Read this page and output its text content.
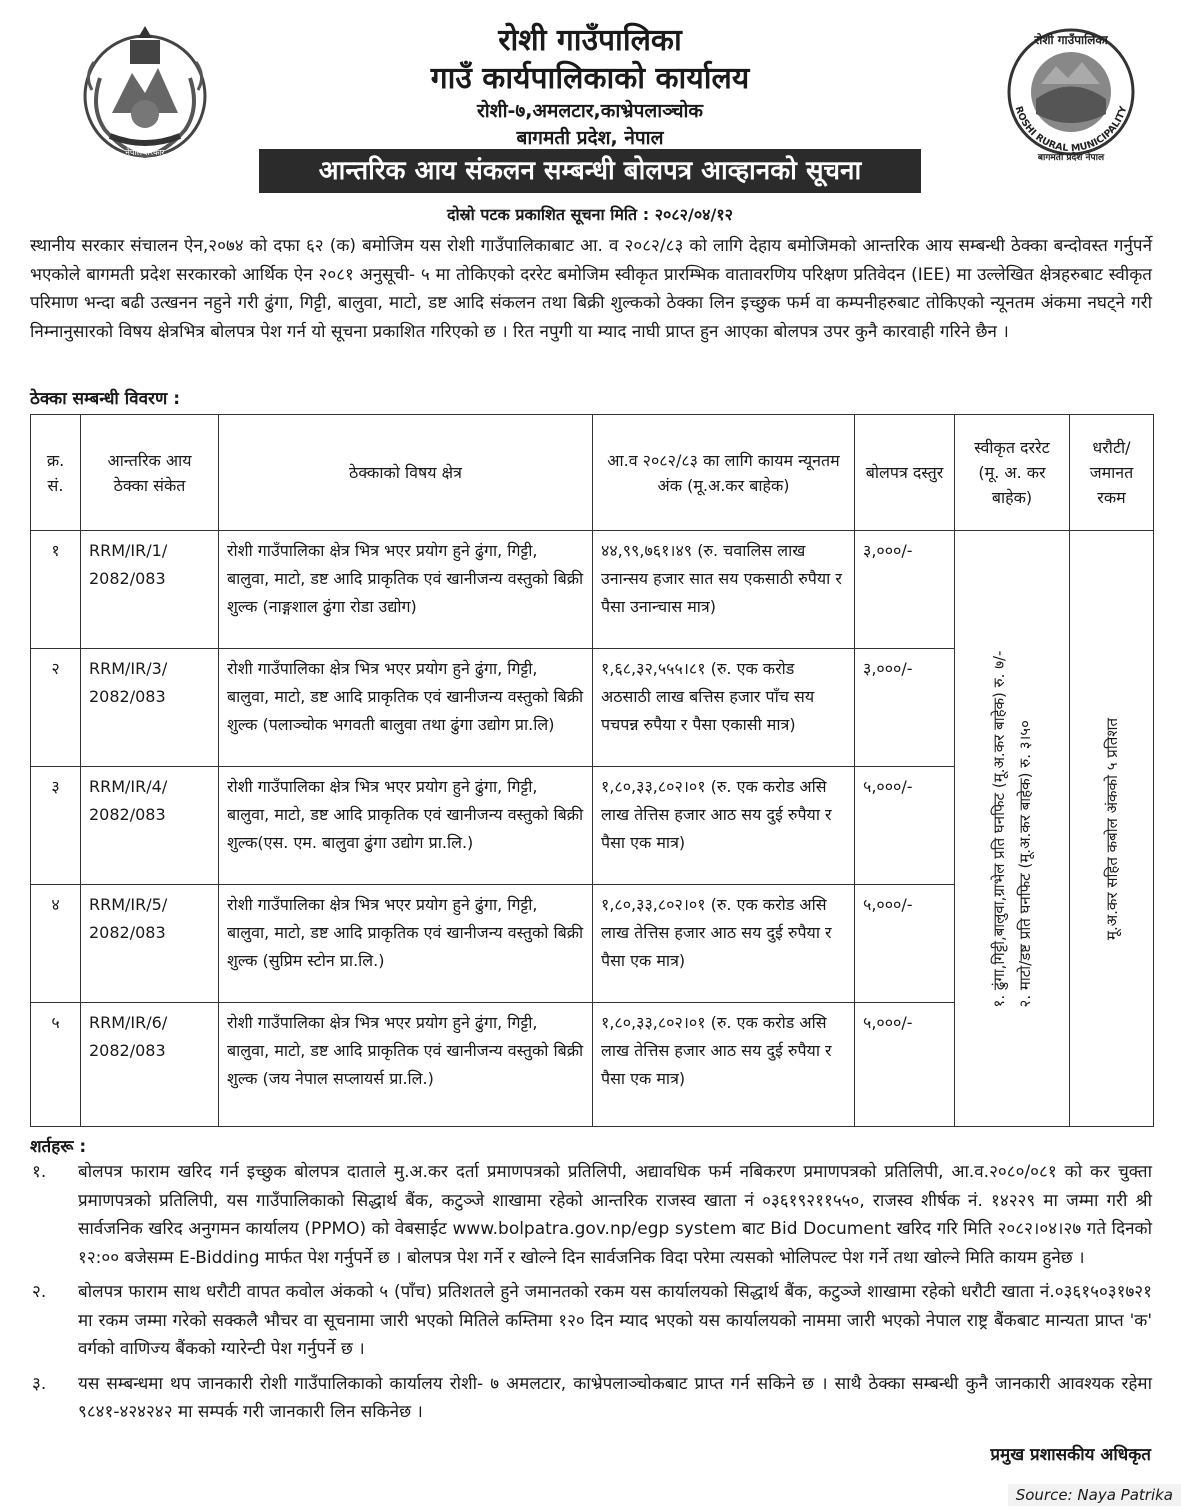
नेपाल सरकार
रोशी गाउँपालिका
ROSHI RURAL MUNICIPALITY
बागमती प्रदेश नेपाल
रोशी गाउँपालिका
गाउँ कार्यपालिकाको कार्यालय
रोशी-७,अमलटार,काभ्रेपलाञ्चोक
बागमती प्रदेश, नेपाल
आन्तरिक आय संकलन सम्बन्धी बोलपत्र आव्हानको सूचना
दोस्रो पटक प्रकाशित सूचना मिति : २०८२/०४/१२
स्थानीय सरकार संचालन ऐन,२०७४ को दफा ६२ (क) बमोजिम यस रोशी गाउँपालिकाबाट आ. व २०८२/८३ को लागि देहाय बमोजिमको आन्तरिक आय सम्बन्धी ठेक्का बन्दोवस्त गर्नुपर्ने भएकोले बागमती प्रदेश सरकारको आर्थिक ऐन २०८१ अनुसूची- ५ मा तोकिएको दररेट बमोजिम स्वीकृत प्रारम्भिक वातावरणिय परिक्षण प्रतिवेदन (IEE) मा उल्लेखित क्षेत्रहरुबाट स्वीकृत परिमाण भन्दा बढी उत्खनन नहुने गरी ढुंगा, गिट्टी, बालुवा, माटो, डष्ट आदि संकलन तथा बिक्री शुल्कको ठेक्का लिन इच्छुक फर्म वा कम्पनीहरुबाट तोकिएको न्यूनतम अंकमा नघट्ने गरी निम्नानुसारको विषय क्षेत्रभित्र बोलपत्र पेश गर्न यो सूचना प्रकाशित गरिएको छ । रित नपुगी या म्याद नाघी प्राप्त हुन आएका बोलपत्र उपर कुनै कारवाही गरिने छैन ।
ठेक्का सम्बन्धी विवरण :
क्र. सं.	आन्तरिक आय ठेक्का संकेत	ठेक्काको विषय क्षेत्र	आ.व २०८२/८३ का लागि कायम न्यूनतम अंक (मू.अ.कर बाहेक)	बोलपत्र दस्तुर	स्वीकृत दररेट (मू. अ. कर बाहेक)	धरौटी/ जमानत रकम
१	RRM/IR/1/ 2082/083	रोशी गाउँपालिका क्षेत्र भित्र भएर प्रयोग हुने ढुंगा, गिट्टी, बालुवा, माटो, डष्ट आदि प्राकृतिक एवं खानीजन्य वस्तुको बिक्री शुल्क (नाङ्गशाल ढुंगा रोडा उद्योग)	४४,९९,७६१।४९ (रु. चवालिस लाख उनान्सय हजार सात सय एकसाठी रुपैया र पैसा उनान्चास मात्र)	३,०००/-	१. ढुंगा,गिट्टी,बालुवा,ग्राभेल प्रति घनफिट (मू.अ.कर बाहेक) रु. ७/- २. माटो/डष्ट प्रति घनफिट (मू.अ.कर बाहेक) रु. ३।५०	मू.अ.कर सहित कबोल अंकको ५ प्रतिशत

२	RRM/IR/3/ 2082/083	रोशी गाउँपालिका क्षेत्र भित्र भएर प्रयोग हुने ढुंगा, गिट्टी, बालुवा, माटो, डष्ट आदि प्राकृतिक एवं खानीजन्य वस्तुको बिक्री शुल्क (पलाञ्चोक भगवती बालुवा तथा ढुंगा उद्योग प्रा.लि)	१,६८,३२,५५५।८१ (रु. एक करोड अठसाठी लाख बत्तिस हजार पाँच सय पचपन्न रुपैया र पैसा एकासी मात्र)	३,०००/-		
३	RRM/IR/4/ 2082/083	रोशी गाउँपालिका क्षेत्र भित्र भएर प्रयोग हुने ढुंगा, गिट्टी, बालुवा, माटो, डष्ट आदि प्राकृतिक एवं खानीजन्य वस्तुको बिक्री शुल्क(एस. एम. बालुवा ढुंगा उद्योग प्रा.लि.)	१,८०,३३,८०२।०१ (रु. एक करोड असि लाख तेत्तिस हजार आठ सय दुई रुपैया र पैसा एक मात्र)	५,०००/-		
४	RRM/IR/5/ 2082/083	रोशी गाउँपालिका क्षेत्र भित्र भएर प्रयोग हुने ढुंगा, गिट्टी, बालुवा, माटो, डष्ट आदि प्राकृतिक एवं खानीजन्य वस्तुको बिक्री शुल्क (सुप्रिम स्टोन प्रा.लि.)	१,८०,३३,८०२।०१ (रु. एक करोड असि लाख तेत्तिस हजार आठ सय दुई रुपैया र पैसा एक मात्र)	५,०००/-		
५	RRM/IR/6/ 2082/083	रोशी गाउँपालिका क्षेत्र भित्र भएर प्रयोग हुने ढुंगा, गिट्टी, बालुवा, माटो, डष्ट आदि प्राकृतिक एवं खानीजन्य वस्तुको बिक्री शुल्क (जय नेपाल सप्लायर्स प्रा.लि.)	१,८०,३३,८०२।०१ (रु. एक करोड असि लाख तेत्तिस हजार आठ सय दुई रुपैया र पैसा एक मात्र)	५,०००/-		
शर्तहरू :
१.	बोलपत्र फाराम खरिद गर्न इच्छुक बोलपत्र दाताले मु.अ.कर दर्ता प्रमाणपत्रको प्रतिलिपी, अद्यावधिक फर्म नबिकरण प्रमाणपत्रको प्रतिलिपी, आ.व.२०८०/०८१ को कर चुक्ता प्रमाणपत्रको प्रतिलिपी, यस गाउँपालिकाको सिद्धार्थ बैंक, कटुञ्जे शाखामा रहेको आन्तरिक राजस्व खाता नं ०३६१९२११५५०, राजस्व शीर्षक नं. १४२२९ मा जम्मा गरी श्री सार्वजनिक खरिद अनुगमन कार्यालय (PPMO) को वेबसाईट www.bolpatra.gov.np/egp system बाट Bid Document खरिद गरि मिति २०८२।०४।२७ गते दिनको १२:०० बजेसम्म E-Bidding मार्फत पेश गर्नुपर्ने छ । बोलपत्र पेश गर्ने र खोल्ने दिन सार्वजनिक विदा परेमा त्यसको भोलिपल्ट पेश गर्ने तथा खोल्ने मिति कायम हुनेछ ।
२.	बोलपत्र फाराम साथ धरौटी वापत कवोल अंकको ५ (पाँच) प्रतिशतले हुने जमानतको रकम यस कार्यालयको सिद्धार्थ बैंक, कटुञ्जे शाखामा रहेको धरौटी खाता नं.०३६१५०३१७२१ मा रकम जम्मा गरेको सक्कलै भौचर वा सूचनामा जारी भएको मितिले कम्तिमा १२० दिन म्याद भएको यस कार्यालयको नाममा जारी भएको नेपाल राष्ट्र बैंकबाट मान्यता प्राप्त 'क' वर्गको वाणिज्य बैंकको ग्यारेन्टी पेश गर्नुपर्ने छ ।
३.	यस सम्बन्धमा थप जानकारी रोशी गाउँपालिकाको कार्यालय रोशी- ७ अमलटार, काभ्रेपलाञ्चोकबाट प्राप्त गर्न सकिने छ । साथै ठेक्का सम्बन्धी कुनै जानकारी आवश्यक रहेमा ९८४१-४२४२४२ मा सम्पर्क गरी जानकारी लिन सकिनेछ ।
प्रमुख प्रशासकीय अधिकृत
Source: Naya Patrika
